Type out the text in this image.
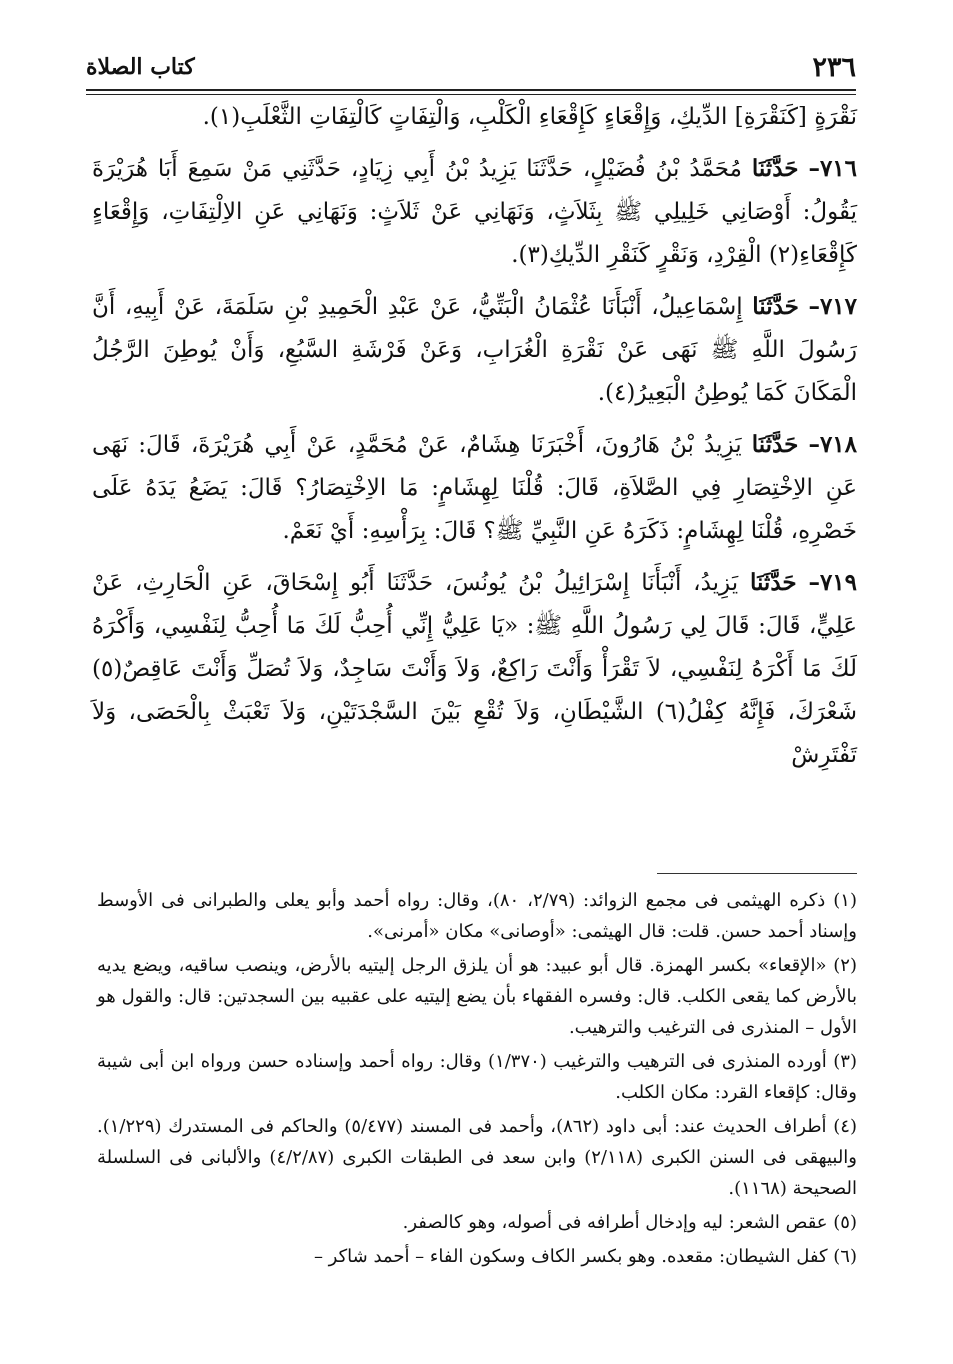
٢٣٦
كتاب الصلاة

نَقْرَةٍ [كَنَقْرَةِ] الدِّيكِ، وَإِقْعَاءٍ كَإِقْعَاءِ الْكَلْبِ، وَالْتِفَاتٍ كَالْتِفَاتِ الثَّعْلَبِ(١).

٧١٦– حَدَّثَنَا مُحَمَّدُ بْنُ فُضَيْلٍ، حَدَّثَنَا يَزِيدُ بْنُ أَبِي زِيَادٍ، حَدَّثَنِي مَنْ سَمِعَ أَبَا هُرَيْرَةَ يَقُولُ: أَوْصَانِي خَلِيلِي ﷺ بِثَلاَثٍ، وَنَهَانِي عَنْ ثَلاَثٍ: وَنَهَانِي عَنِ الاِلْتِفَاتِ، وَإِقْعَاءٍ كَإِقْعَاءِ(٢) الْقِرْدِ، وَنَقْرٍ كَنَقْرِ الدِّيكِ(٣).

٧١٧– حَدَّثَنَا إِسْمَاعِيلُ، أَنْبَأَنَا عُثْمَانُ الْبَتِّيُّ، عَنْ عَبْدِ الْحَمِيدِ بْنِ سَلَمَةَ، عَنْ أَبِيهِ، أَنَّ رَسُولَ اللَّهِ ﷺ نَهَى عَنْ نَقْرَةِ الْغُرَابِ، وَعَنْ فَرْشَةِ السَّبُعِ، وَأَنْ يُوطِنَ الرَّجُلُ الْمَكَانَ كَمَا يُوطِنُ الْبَعِيرُ(٤).

٧١٨– حَدَّثَنَا يَزِيدُ بْنُ هَارُونَ، أَخْبَرَنَا هِشَامٌ، عَنْ مُحَمَّدٍ، عَنْ أَبِي هُرَيْرَةَ، قَالَ: نَهَى عَنِ الاِخْتِصَارِ فِي الصَّلاَةِ، قَالَ: قُلْنَا لِهِشَامٍ: مَا الاِخْتِصَارُ؟ قَالَ: يَضَعُ يَدَهُ عَلَى خَصْرِهِ، قُلْنَا لِهِشَامٍ: ذَكَرَهُ عَنِ النَّبِيِّ ﷺ؟ قَالَ: بِرَأْسِهِ: أَيْ نَعَمْ.

٧١٩– حَدَّثَنَا يَزِيدُ، أَنْبَأَنَا إِسْرَائِيلُ بْنُ يُونُسَ، حَدَّثَنَا أَبُو إِسْحَاقَ، عَنِ الْحَارِثِ، عَنْ عَلِيٍّ، قَالَ: قَالَ لِي رَسُولُ اللَّهِ ﷺ: «يَا عَلِيُّ إِنِّي أُحِبُّ لَكَ مَا أُحِبُّ لِنَفْسِي، وَأَكْرَهُ لَكَ مَا أَكْرَهُ لِنَفْسِي، لاَ تَقْرَأْ وَأَنْتَ رَاكِعٌ، وَلاَ وَأَنْتَ سَاجِدٌ، وَلاَ تُصَلِّ وَأَنْتَ عَاقِصٌ(٥) شَعْرَكَ، فَإِنَّهُ كِفْلُ(٦) الشَّيْطَانِ، وَلاَ تُقْعِ بَيْنَ السَّجْدَتَيْنِ، وَلاَ تَعْبَثْ بِالْحَصَى، وَلاَ تَفْتَرِشْ

(١) ذكره الهيثمى فى مجمع الزوائد: (٢/٧٩، ٨٠)، وقال: رواه أحمد وأبو يعلى والطبرانى فى الأوسط وإسناد أحمد حسن. قلت: قال الهيثمى: «أوصانى» مكان «أمرنى».

(٢) «الإقعاء» بكسر الهمزة. قال أبو عبيد: هو أن يلزق الرجل إليتيه بالأرض، وينصب ساقيه، ويضع يديه بالأرض كما يقعى الكلب. قال: وفسره الفقهاء بأن يضع إليتيه على عقبيه بين السجدتين: قال: والقول هو الأول – المنذرى فى الترغيب والترهيب.

(٣) أورده المنذرى فى الترهيب والترغيب (١/٣٧٠) وقال: رواه أحمد وإسناده حسن ورواه ابن أبى شيبة وقال: كإقعاء القرد: مكان الكلب.

(٤) أطراف الحديث عند: أبى داود (٨٦٢)، وأحمد فى المسند (٥/٤٧٧) والحاكم فى المستدرك (١/٢٢٩). والبيهقى فى السنن الكبرى (٢/١١٨) وابن سعد فى الطبقات الكبرى (٤/٢/٨٧) والألبانى فى السلسلة الصحيحة (١١٦٨).

(٥) عقص الشعر: ليه وإدخال أطرافه فى أصوله، وهو كالصفر.

(٦) كفل الشيطان: مقعده. وهو بكسر الكاف وسكون الفاء – أحمد شاكر –
